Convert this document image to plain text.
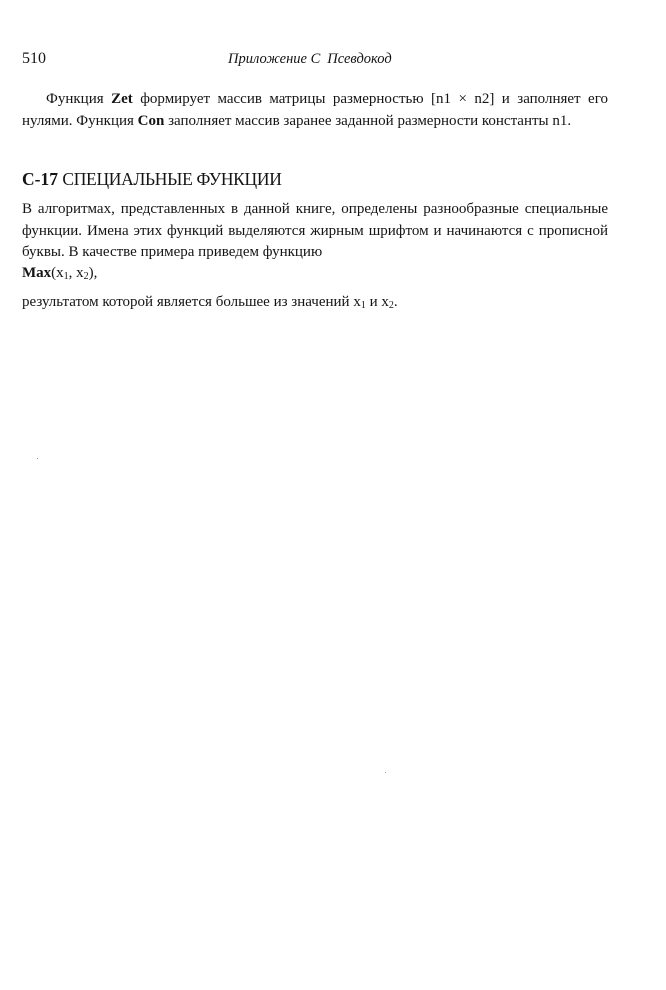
510	Приложение С Псевдокод

Функция Zet формирует массив матрицы размерностью [n1 × n2] и заполняет его нулями. Функция Con заполняет массив заранее заданной размерности константы n1.

С-17 СПЕЦИАЛЬНЫЕ ФУНКЦИИ

В алгоритмах, представленных в данной книге, определены разнообразные специальные функции. Имена этих функций выделяются жирным шрифтом и начинаются с прописной буквы. В качестве примера приведем функцию

$Max(x_1$, $x_2$),
результатом которой является большее из значений $x_1$ и $x_2$.
